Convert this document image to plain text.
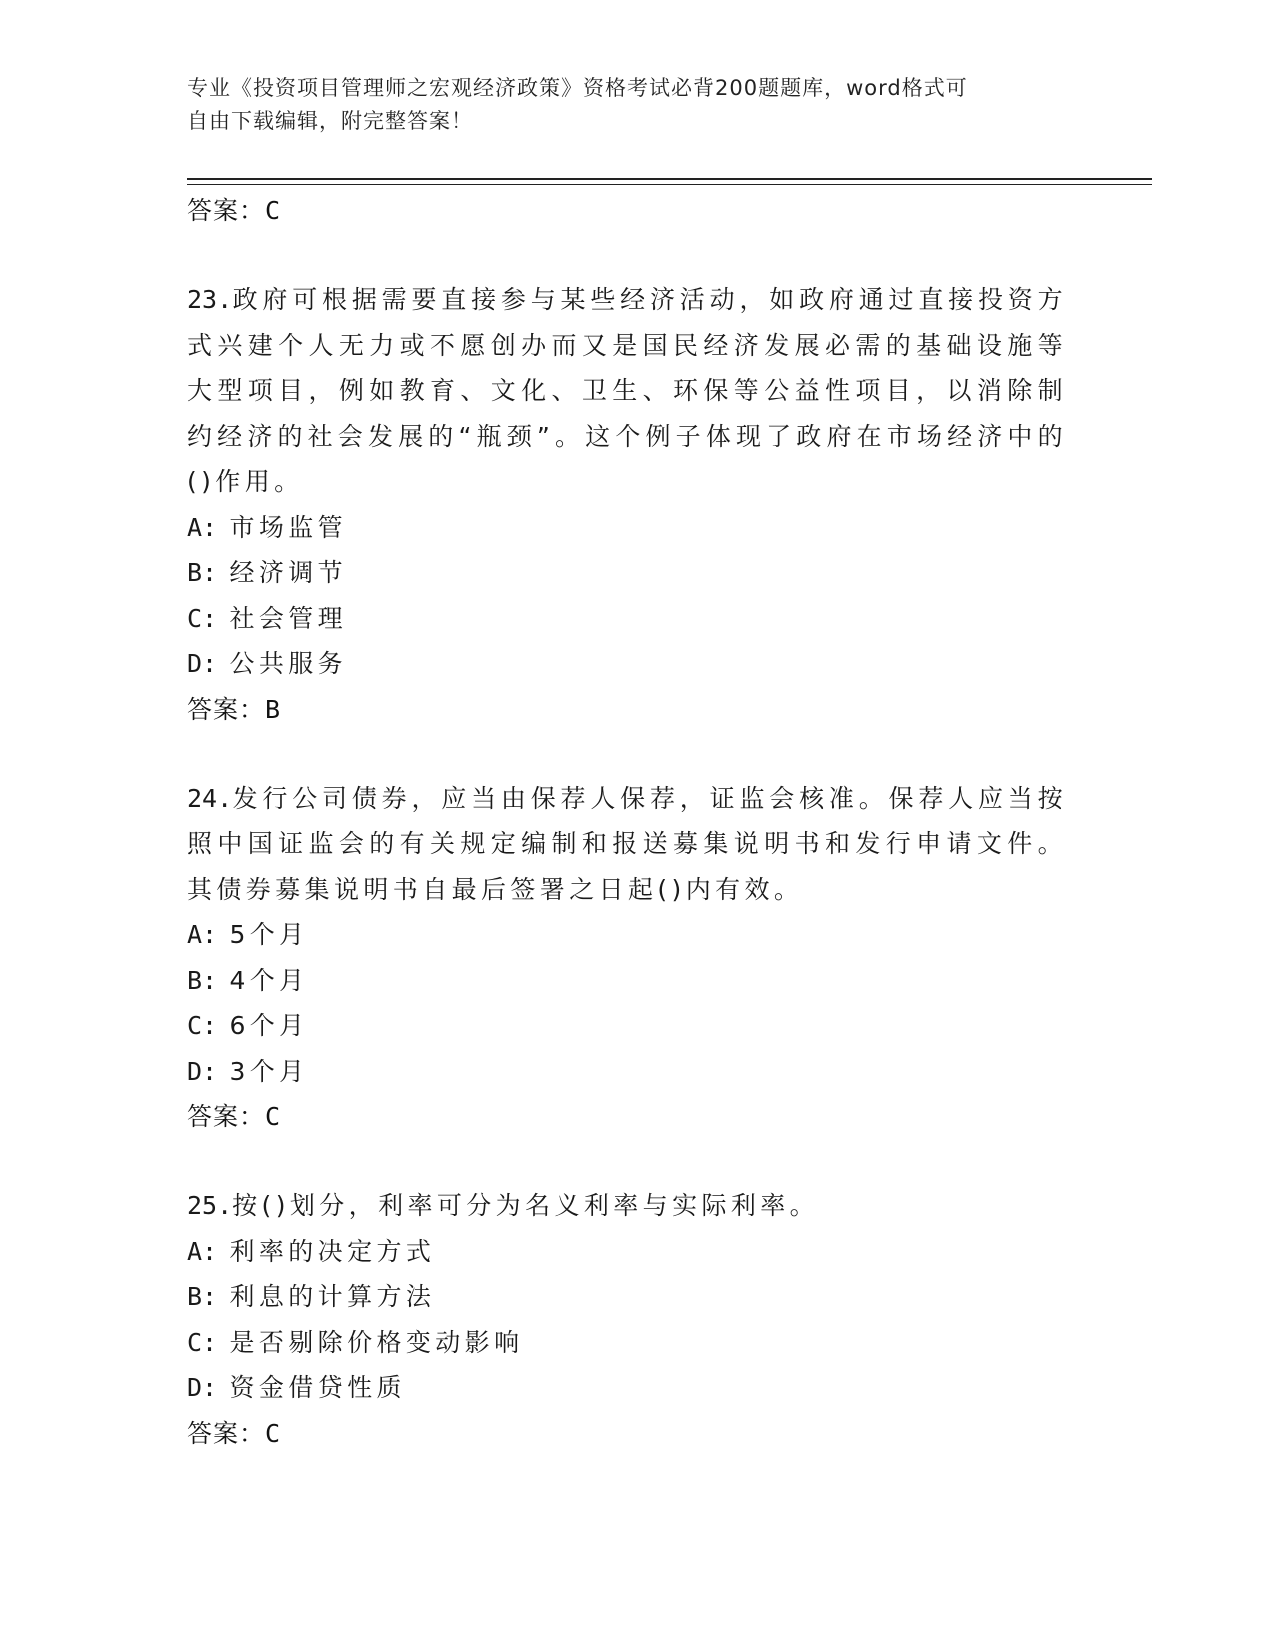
专业《投资项目管理师之宏观经济政策》资格考试必背200题题库，word格式可
自由下载编辑，附完整答案！
答案：C
23.政府可根据需要直接参与某些经济活动，如政府通过直接投资方式兴建个人无力或不愿创办而又是国民经济发展必需的基础设施等大型项目，例如教育、文化、卫生、环保等公益性项目，以消除制约经济的社会发展的“瓶颈”。这个例子体现了政府在市场经济中的()作用。
A: 市场监管
B: 经济调节
C: 社会管理
D: 公共服务
答案：B
24.发行公司债券，应当由保荐人保荐，证监会核准。保荐人应当按照中国证监会的有关规定编制和报送募集说明书和发行申请文件。其债券募集说明书自最后签署之日起()内有效。
A: 5个月
B: 4个月
C: 6个月
D: 3个月
答案：C
25.按()划分，利率可分为名义利率与实际利率。
A: 利率的决定方式
B: 利息的计算方法
C: 是否剔除价格变动影响
D: 资金借贷性质
答案：C
